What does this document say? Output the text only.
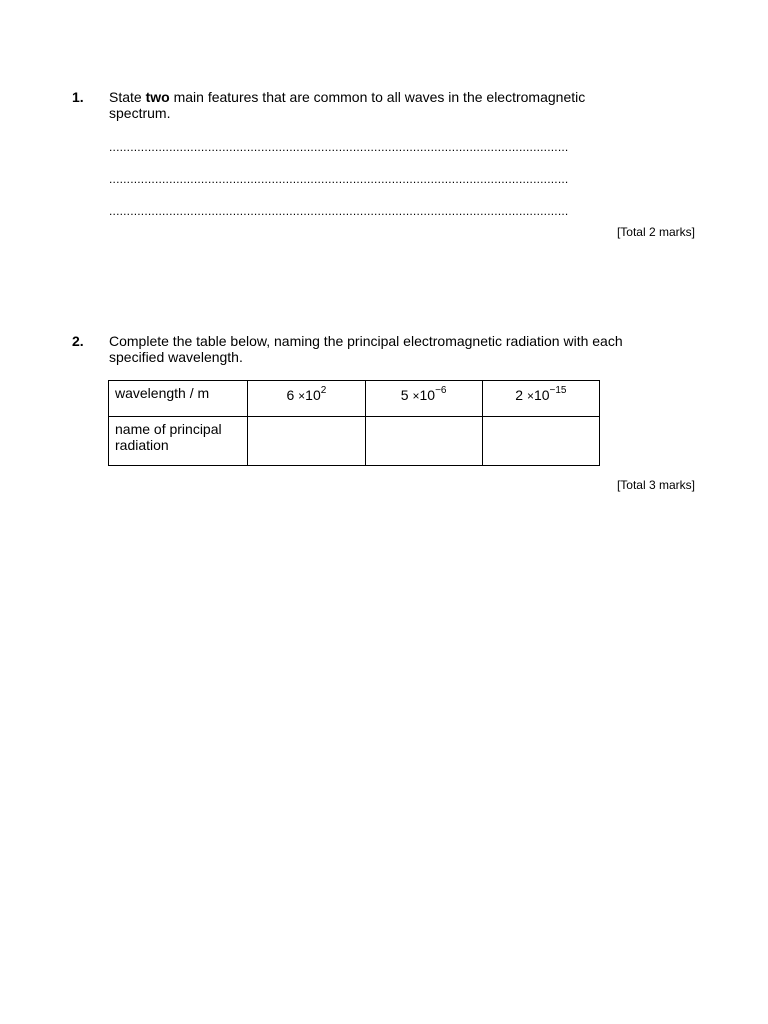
1. State two main features that are common to all waves in the electromagnetic spectrum.
..................................................................................................................................
..................................................................................................................................
..................................................................................................................................
[Total 2 marks]
2. Complete the table below, naming the principal electromagnetic radiation with each specified wavelength.
wavelength / m	$6 \times 10^2$	$5 \times 10^{-6}$	$2 \times 10^{-15}$
name of principal radiation			
[Total 3 marks]
